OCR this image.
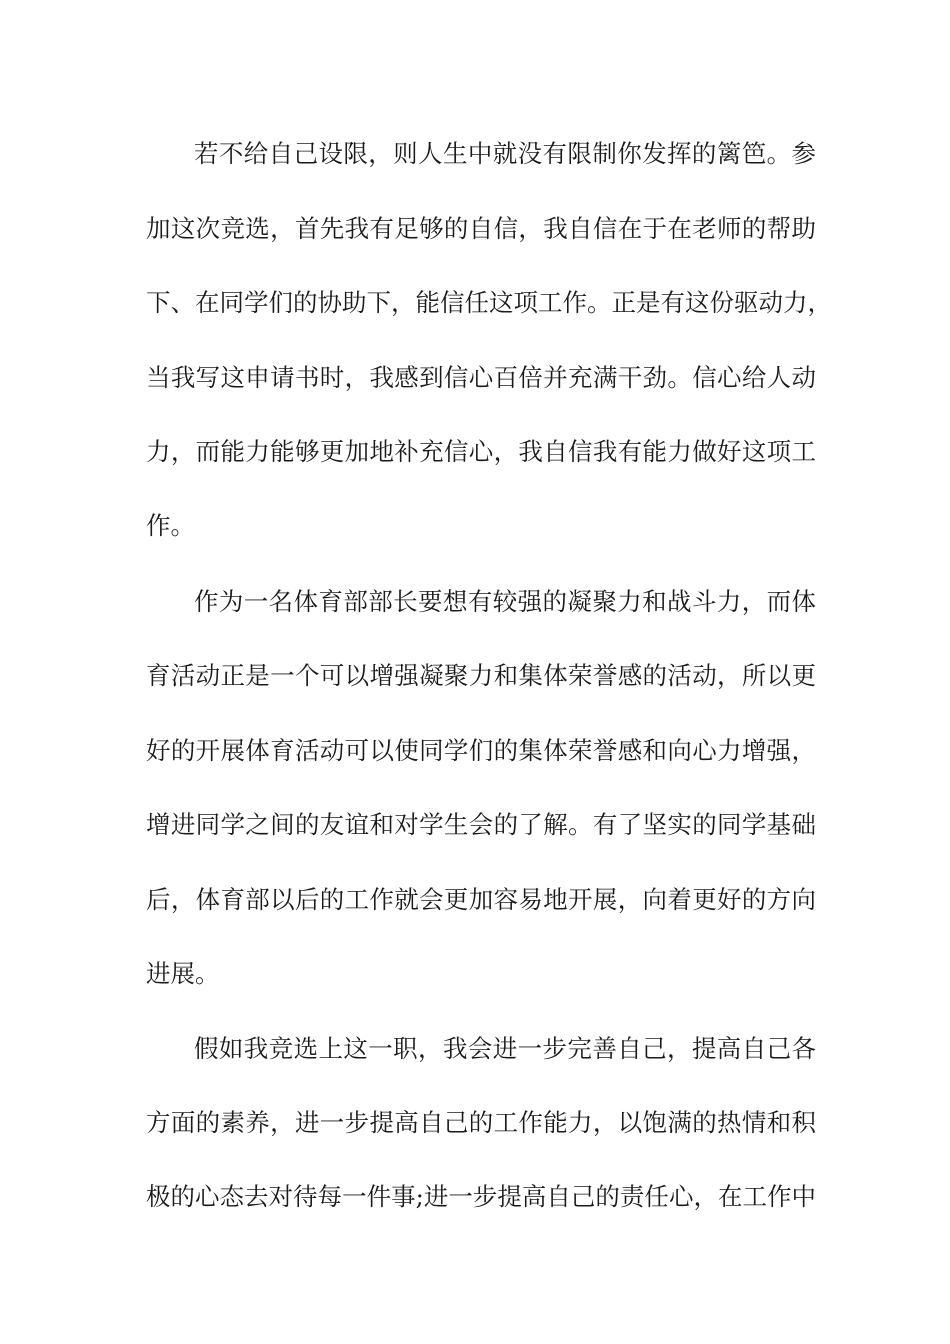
若不给自己设限，则人生中就没有限制你发挥的篱笆。参
加这次竞选，首先我有足够的自信，我自信在于在老师的帮助
下、在同学们的协助下，能信任这项工作。正是有这份驱动力，
当我写这申请书时，我感到信心百倍并充满干劲。信心给人动
力，而能力能够更加地补充信心，我自信我有能力做好这项工
作。
作为一名体育部部长要想有较强的凝聚力和战斗力，而体
育活动正是一个可以增强凝聚力和集体荣誉感的活动，所以更
好的开展体育活动可以使同学们的集体荣誉感和向心力增强，
增进同学之间的友谊和对学生会的了解。有了坚实的同学基础
后，体育部以后的工作就会更加容易地开展，向着更好的方向
进展。
假如我竞选上这一职，我会进一步完善自己，提高自己各
方面的素养，进一步提高自己的工作能力，以饱满的热情和积
极的心态去对待每一件事;进一步提高自己的责任心，在工作中
